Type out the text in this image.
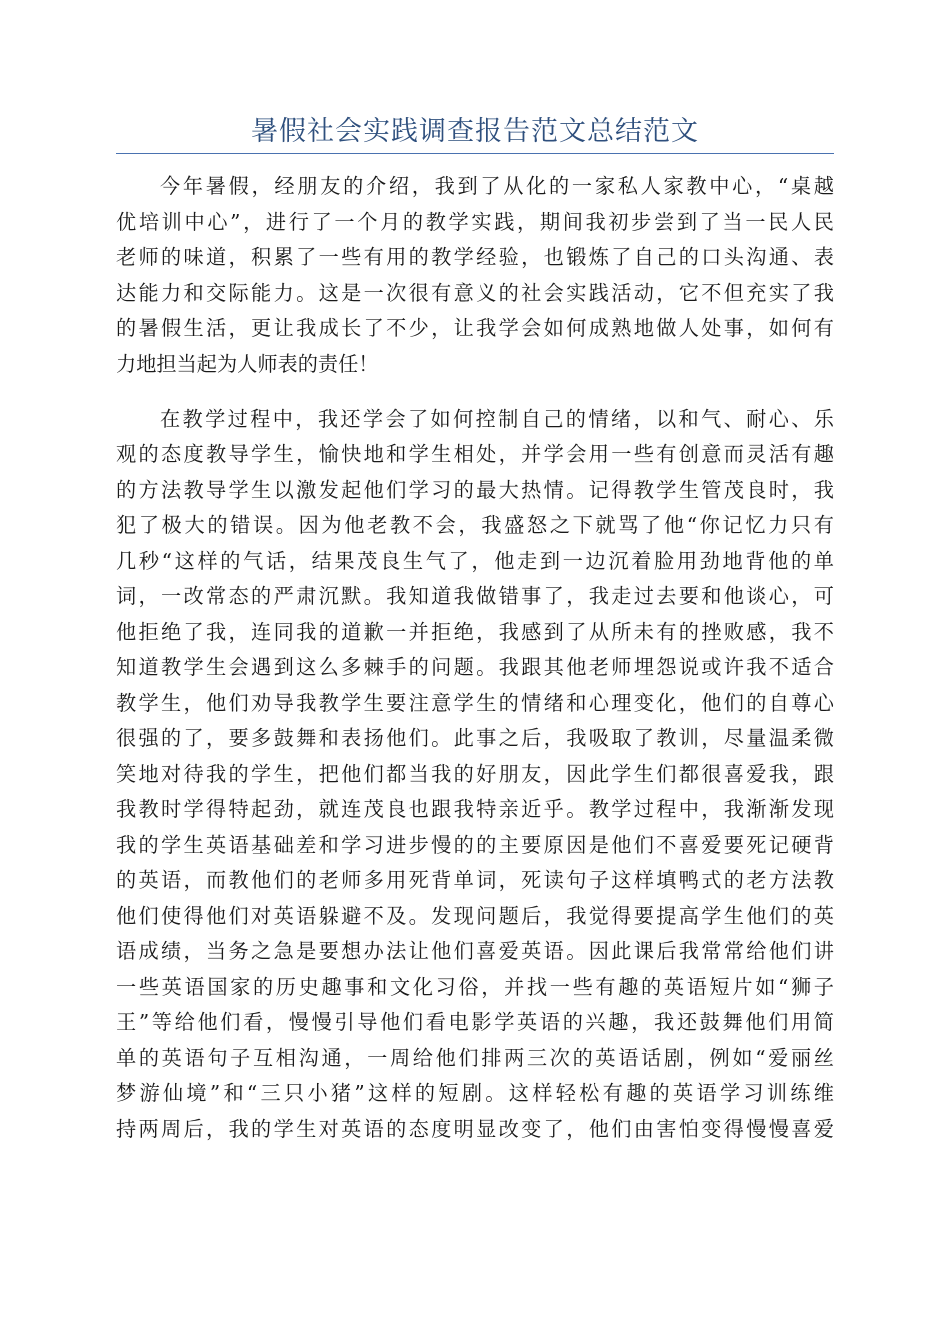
暑假社会实践调查报告范文总结范文
今年暑假，经朋友的介绍，我到了从化的一家私人家教中心，“桌越
优培训中心”，进行了一个月的教学实践，期间我初步尝到了当一民人民
老师的味道，积累了一些有用的教学经验，也锻炼了自己的口头沟通、表
达能力和交际能力。这是一次很有意义的社会实践活动，它不但充实了我
的暑假生活，更让我成长了不少，让我学会如何成熟地做人处事，如何有
力地担当起为人师表的责任！
在教学过程中，我还学会了如何控制自己的情绪，以和气、耐心、乐
观的态度教导学生，愉快地和学生相处，并学会用一些有创意而灵活有趣
的方法教导学生以激发起他们学习的最大热情。记得教学生管茂良时，我
犯了极大的错误。因为他老教不会，我盛怒之下就骂了他“你记忆力只有
几秒“这样的气话，结果茂良生气了，他走到一边沉着脸用劲地背他的单
词，一改常态的严肃沉默。我知道我做错事了，我走过去要和他谈心，可
他拒绝了我，连同我的道歉一并拒绝，我感到了从所未有的挫败感，我不
知道教学生会遇到这么多棘手的问题。我跟其他老师埋怨说或许我不适合
教学生，他们劝导我教学生要注意学生的情绪和心理变化，他们的自尊心
很强的了，要多鼓舞和表扬他们。此事之后，我吸取了教训，尽量温柔微
笑地对待我的学生，把他们都当我的好朋友，因此学生们都很喜爱我，跟
我教时学得特起劲，就连茂良也跟我特亲近乎。教学过程中，我渐渐发现
我的学生英语基础差和学习进步慢的的主要原因是他们不喜爱要死记硬背
的英语，而教他们的老师多用死背单词，死读句子这样填鸭式的老方法教
他们使得他们对英语躲避不及。发现问题后，我觉得要提高学生他们的英
语成绩，当务之急是要想办法让他们喜爱英语。因此课后我常常给他们讲
一些英语国家的历史趣事和文化习俗，并找一些有趣的英语短片如“狮子
王”等给他们看，慢慢引导他们看电影学英语的兴趣，我还鼓舞他们用简
单的英语句子互相沟通，一周给他们排两三次的英语话剧，例如“爱丽丝
梦游仙境”和“三只小猪”这样的短剧。这样轻松有趣的英语学习训练维
持两周后，我的学生对英语的态度明显改变了，他们由害怕变得慢慢喜爱
